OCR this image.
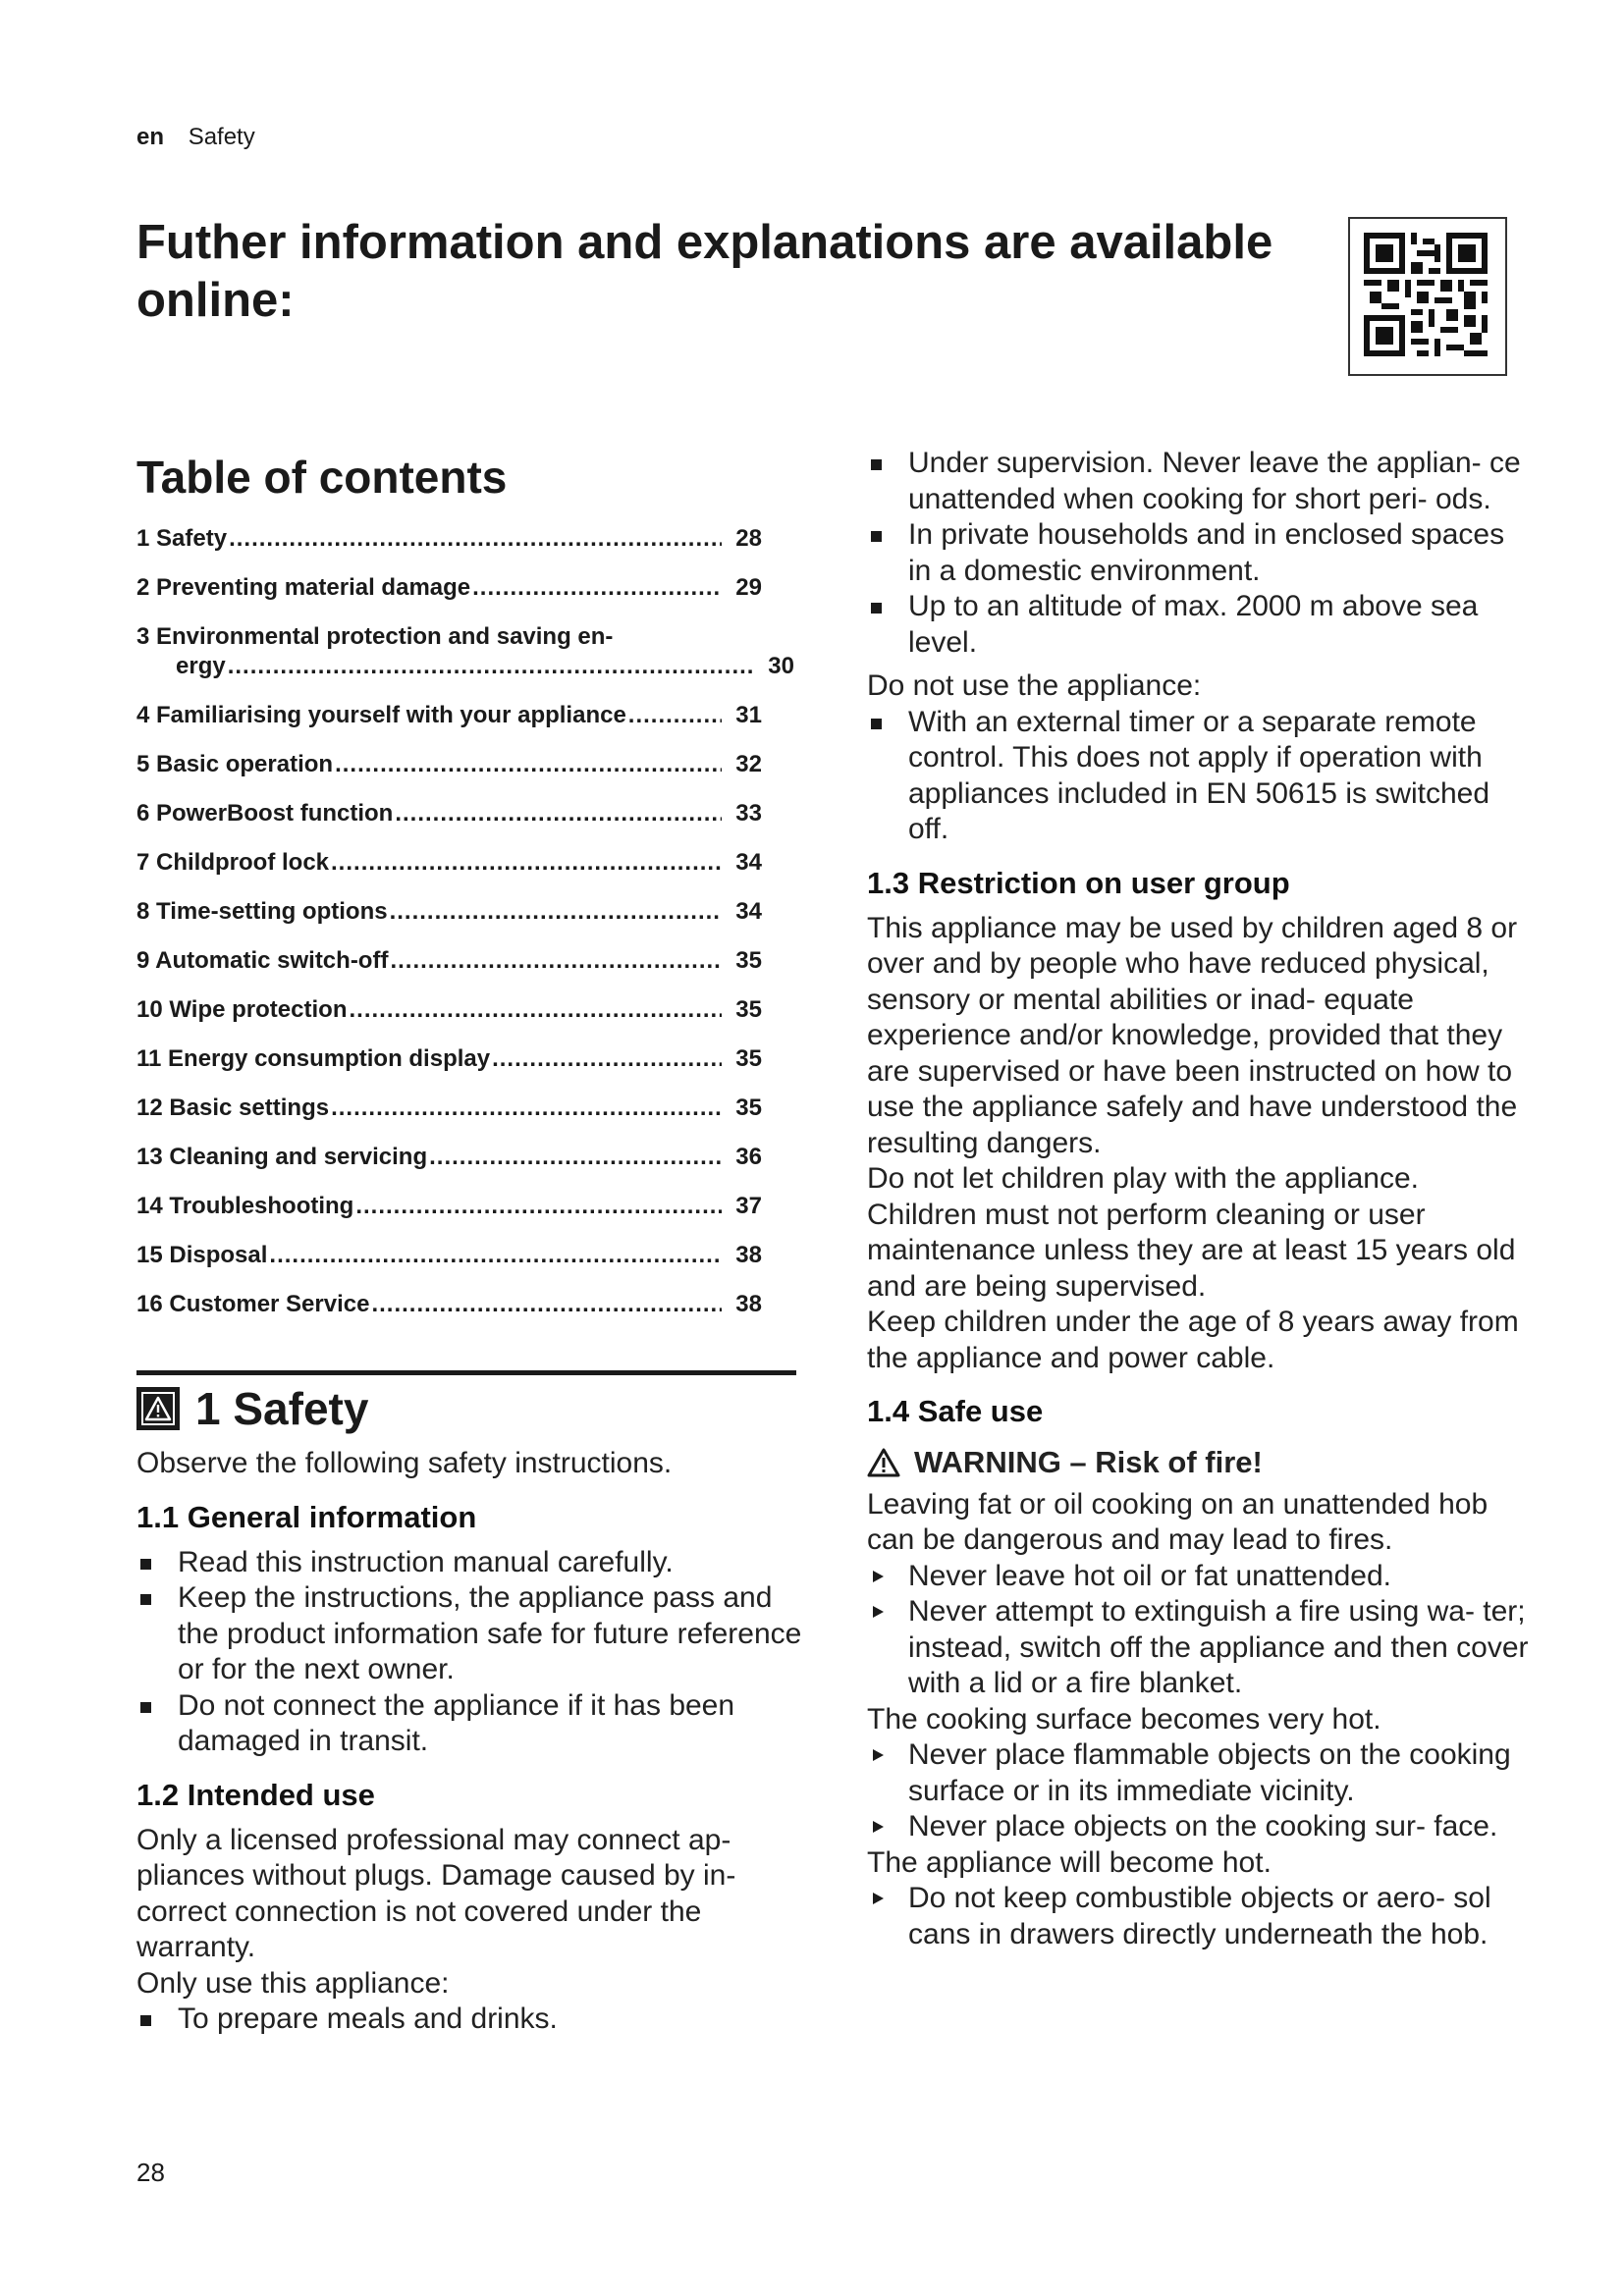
en Safety
Futher information and explanations are available online:
Table of contents
1 Safety .....	28
2 Preventing material damage .....	29
3 Environmental protection and saving en-
ergy .....	30
4 Familiarising yourself with your appliance .....	31
5 Basic operation .....	32
6 PowerBoost function .....	33
7 Childproof lock .....	34
8 Time-setting options .....	34
9 Automatic switch-off .....	35
10 Wipe protection .....	35
11 Energy consumption display .....	35
12 Basic settings .....	35
13 Cleaning and servicing .....	36
14 Troubleshooting .....	37
15 Disposal .....	38
16 Customer Service .....	38
1 Safety

Observe the following safety instructions.

1.1 General information
Read this instruction manual carefully.
Keep the instructions, the appliance pass and the product information safe for future reference or for the next owner.
Do not connect the appliance if it has been damaged in transit.
1.2 Intended use

Only a licensed professional may connect ap- pliances without plugs. Damage caused by in- correct connection is not covered under the warranty.

Only use this appliance:

To prepare meals and drinks.
Under supervision. Never leave the applian- ce unattended when cooking for short peri- ods.
In private households and in enclosed spaces in a domestic environment.
Up to an altitude of max. 2000 m above sea level.

Do not use the appliance:

With an external timer or a separate remote control. This does not apply if operation with appliances included in EN 50615 is switched off.
1.3 Restriction on user group

This appliance may be used by children aged 8 or over and by people who have reduced physical, sensory or mental abilities or inad- equate experience and/or knowledge, provided that they are supervised or have been instructed on how to use the appliance safely and have understood the resulting dangers.

Do not let children play with the appliance.

Children must not perform cleaning or user maintenance unless they are at least 15 years old and are being supervised.

Keep children under the age of 8 years away from the appliance and power cable.

1.4 Safe use
WARNING – Risk of fire!

Leaving fat or oil cooking on an unattended hob can be dangerous and may lead to fires.

Never leave hot oil or fat unattended.
Never attempt to extinguish a fire using wa- ter; instead, switch off the appliance and then cover with a lid or a fire blanket.

The cooking surface becomes very hot.

Never place flammable objects on the cooking surface or in its immediate vicinity.
Never place objects on the cooking sur- face.

The appliance will become hot.

Do not keep combustible objects or aero- sol cans in drawers directly underneath the hob.
28
